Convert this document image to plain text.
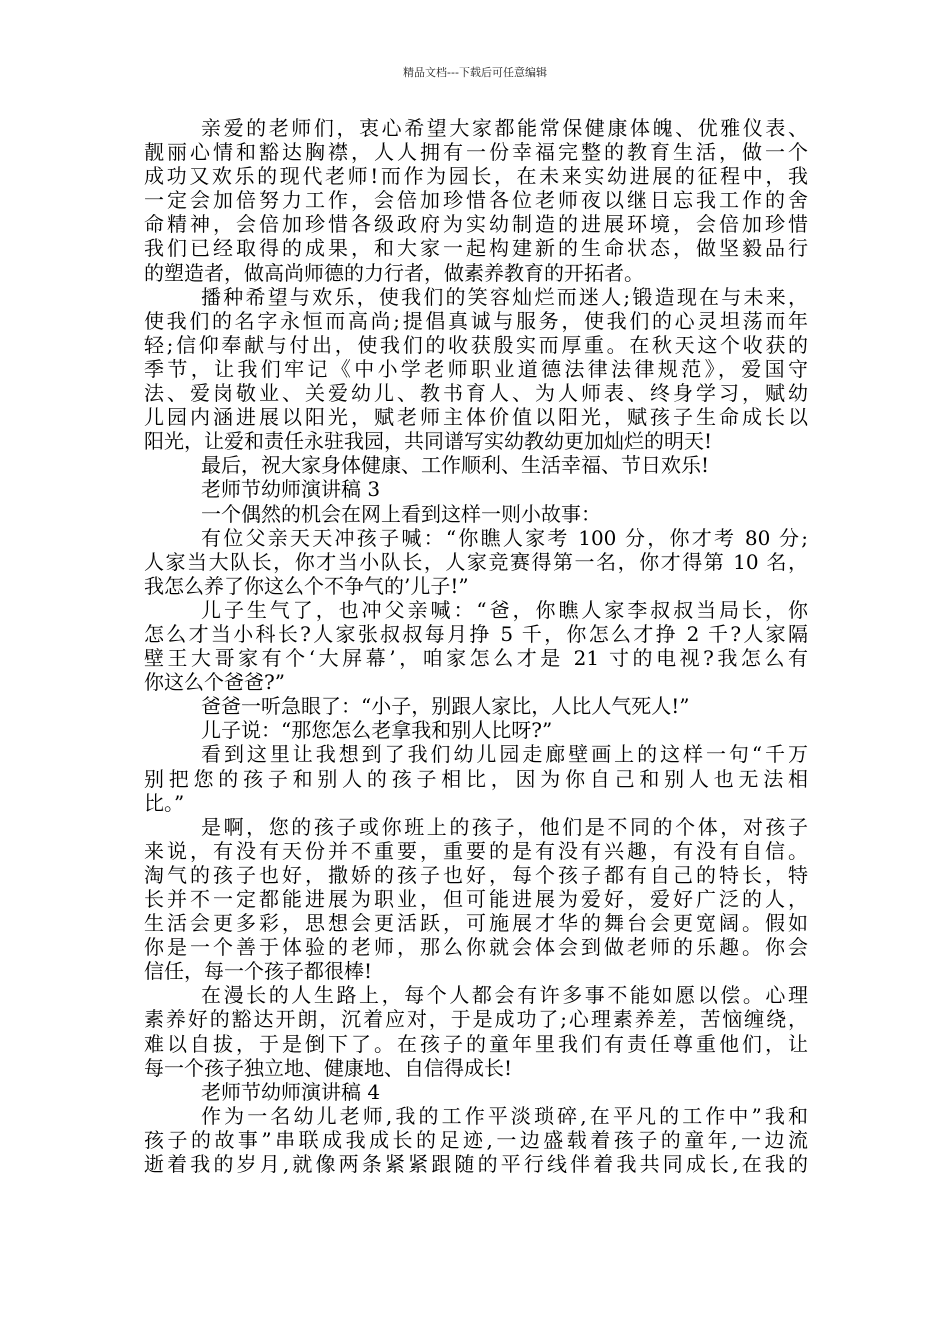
精品文档---下载后可任意编辑
亲爱的老师们，衷心希望大家都能常保健康体魄、优雅仪表、
靓丽心情和豁达胸襟，人人拥有一份幸福完整的教育生活，做一个
成功又欢乐的现代老师!而作为园长，在未来实幼进展的征程中，我
一定会加倍努力工作，会倍加珍惜各位老师夜以继日忘我工作的舍
命精神，会倍加珍惜各级政府为实幼制造的进展环境，会倍加珍惜
我们已经取得的成果，和大家一起构建新的生命状态，做坚毅品行
的塑造者，做高尚师德的力行者，做素养教育的开拓者。
播种希望与欢乐，使我们的笑容灿烂而迷人;锻造现在与未来，
使我们的名字永恒而高尚;提倡真诚与服务，使我们的心灵坦荡而年
轻;信仰奉献与付出，使我们的收获殷实而厚重。在秋天这个收获的
季节，让我们牢记《中小学老师职业道德法律法律规范》，爱国守
法、爱岗敬业、关爱幼儿、教书育人、为人师表、终身学习，赋幼
儿园内涵进展以阳光，赋老师主体价值以阳光，赋孩子生命成长以
阳光，让爱和责任永驻我园，共同谱写实幼教幼更加灿烂的明天!
最后，祝大家身体健康、工作顺利、生活幸福、节日欢乐!
老师节幼师演讲稿 3
一个偶然的机会在网上看到这样一则小故事：
有位父亲天天冲孩子喊：“你瞧人家考 100 分，你才考 80 分;
人家当大队长，你才当小队长，人家竞赛得第一名，你才得第 10 名，
我怎么养了你这么个不争气的’儿子!”
儿子生气了，也冲父亲喊：“爸，你瞧人家李叔叔当局长，你
怎么才当小科长?人家张叔叔每月挣 5 千，你怎么才挣 2 千?人家隔
壁王大哥家有个‘大屏幕’，咱家怎么才是 21 寸的电视?我怎么有
你这么个爸爸?”
爸爸一听急眼了：“小子，别跟人家比，人比人气死人!”
儿子说：“那您怎么老拿我和别人比呀?”
看到这里让我想到了我们幼儿园走廊壁画上的这样一句“千万
别把您的孩子和别人的孩子相比，因为你自己和别人也无法相
比。”
是啊，您的孩子或你班上的孩子，他们是不同的个体，对孩子
来说，有没有天份并不重要，重要的是有没有兴趣，有没有自信。
淘气的孩子也好，撒娇的孩子也好，每个孩子都有自己的特长，特
长并不一定都能进展为职业，但可能进展为爱好，爱好广泛的人，
生活会更多彩，思想会更活跃，可施展才华的舞台会更宽阔。假如
你是一个善于体验的老师，那么你就会体会到做老师的乐趣。你会
信任，每一个孩子都很棒!
在漫长的人生路上，每个人都会有许多事不能如愿以偿。心理
素养好的豁达开朗，沉着应对，于是成功了;心理素养差，苦恼缠绕，
难以自拔，于是倒下了。在孩子的童年里我们有责任尊重他们，让
每一个孩子独立地、健康地、自信得成长!
老师节幼师演讲稿 4
作为一名幼儿老师,我的工作平淡琐碎,在平凡的工作中”我和
孩子的故事”串联成我成长的足迹,一边盛载着孩子的童年,一边流
逝着我的岁月,就像两条紧紧跟随的平行线伴着我共同成长,在我的
